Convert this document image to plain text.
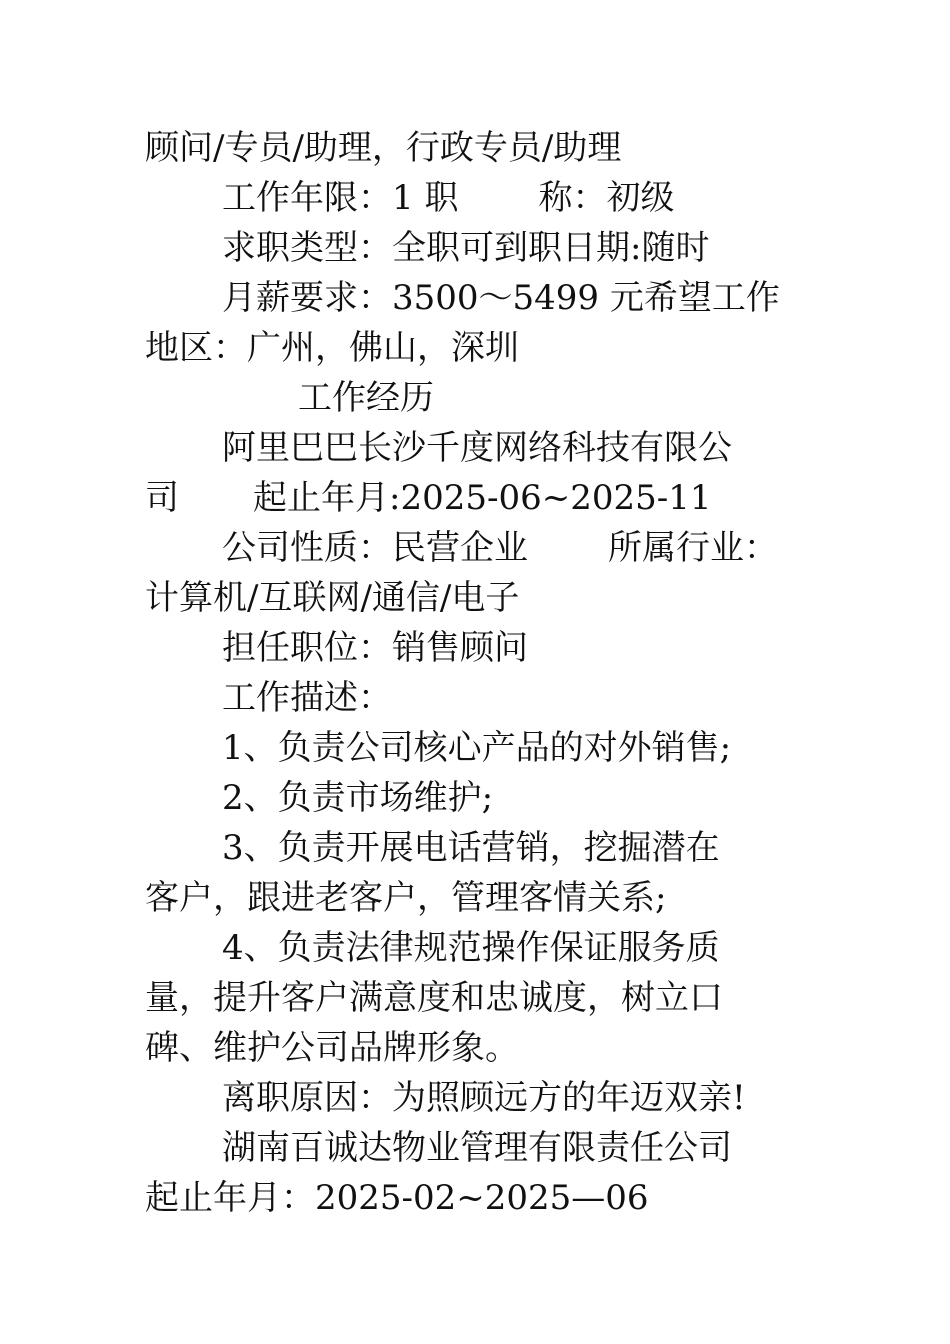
顾问/专员/助理，行政专员/助理
工作年限：1 职 称：初级
求职类型：全职可到职日期:随时
月薪要求：3500～5499 元希望工作
地区：广州，佛山，深圳
工作经历
阿里巴巴长沙千度网络科技有限公
司 起止年月:2025-06~2025-11
公司性质：民营企业 所属行业：
计算机/互联网/通信/电子
担任职位：销售顾问
工作描述：
1、负责公司核心产品的对外销售;
2、负责市场维护;
3、负责开展电话营销，挖掘潜在
客户，跟进老客户，管理客情关系;
4、负责法律规范操作保证服务质
量，提升客户满意度和忠诚度，树立口
碑、维护公司品牌形象。
离职原因：为照顾远方的年迈双亲!
湖南百诚达物业管理有限责任公司
起止年月：2025-02~2025—06
